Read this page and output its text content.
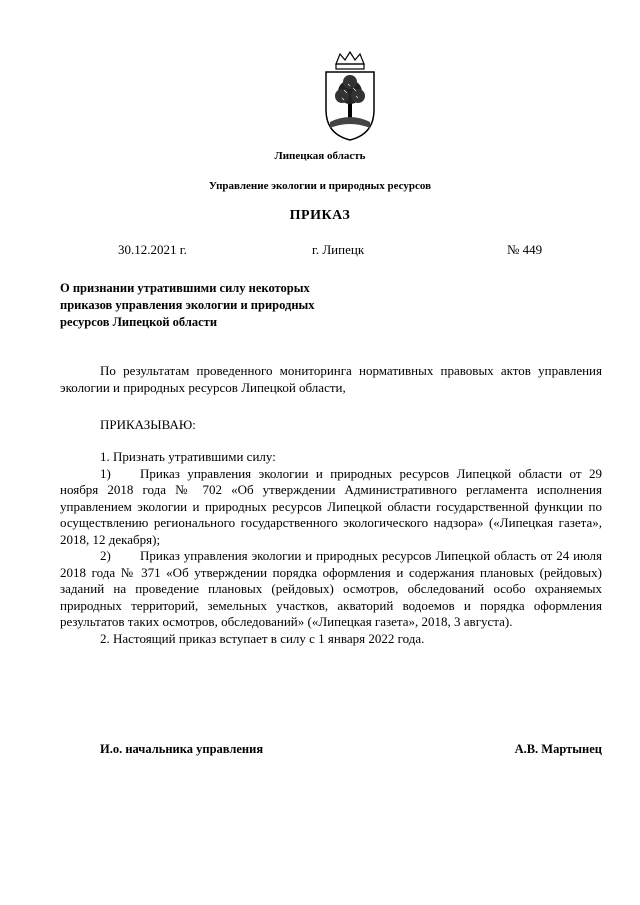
Липецкая область
Управление экологии и природных ресурсов
ПРИКАЗ
30.12.2021 г.	г. Липецк	№ 449
О признании утратившими силу некоторых приказов управления экологии и природных ресурсов Липецкой области
По результатам проведенного мониторинга нормативных правовых актов управления экологии и природных ресурсов Липецкой области,
ПРИКАЗЫВАЮ:
1. Признать утратившими силу:
1) Приказ управления экологии и природных ресурсов Липецкой области от 29 ноября 2018 года № 702 «Об утверждении Административного регламента исполнения управлением экологии и природных ресурсов Липецкой области государственной функции по осуществлению регионального государственного экологического надзора» («Липецкая газета», 2018, 12 декабря);
2) Приказ управления экологии и природных ресурсов Липецкой область от 24 июля 2018 года № 371 «Об утверждении порядка оформления и содержания плановых (рейдовых) заданий на проведение плановых (рейдовых) осмотров, обследований особо охраняемых природных территорий, земельных участков, акваторий водоемов и порядка оформления результатов таких осмотров, обследований» («Липецкая газета», 2018, 3 августа).
2. Настоящий приказ вступает в силу с 1 января 2022 года.
И.о. начальника управления	А.В. Мартынец
